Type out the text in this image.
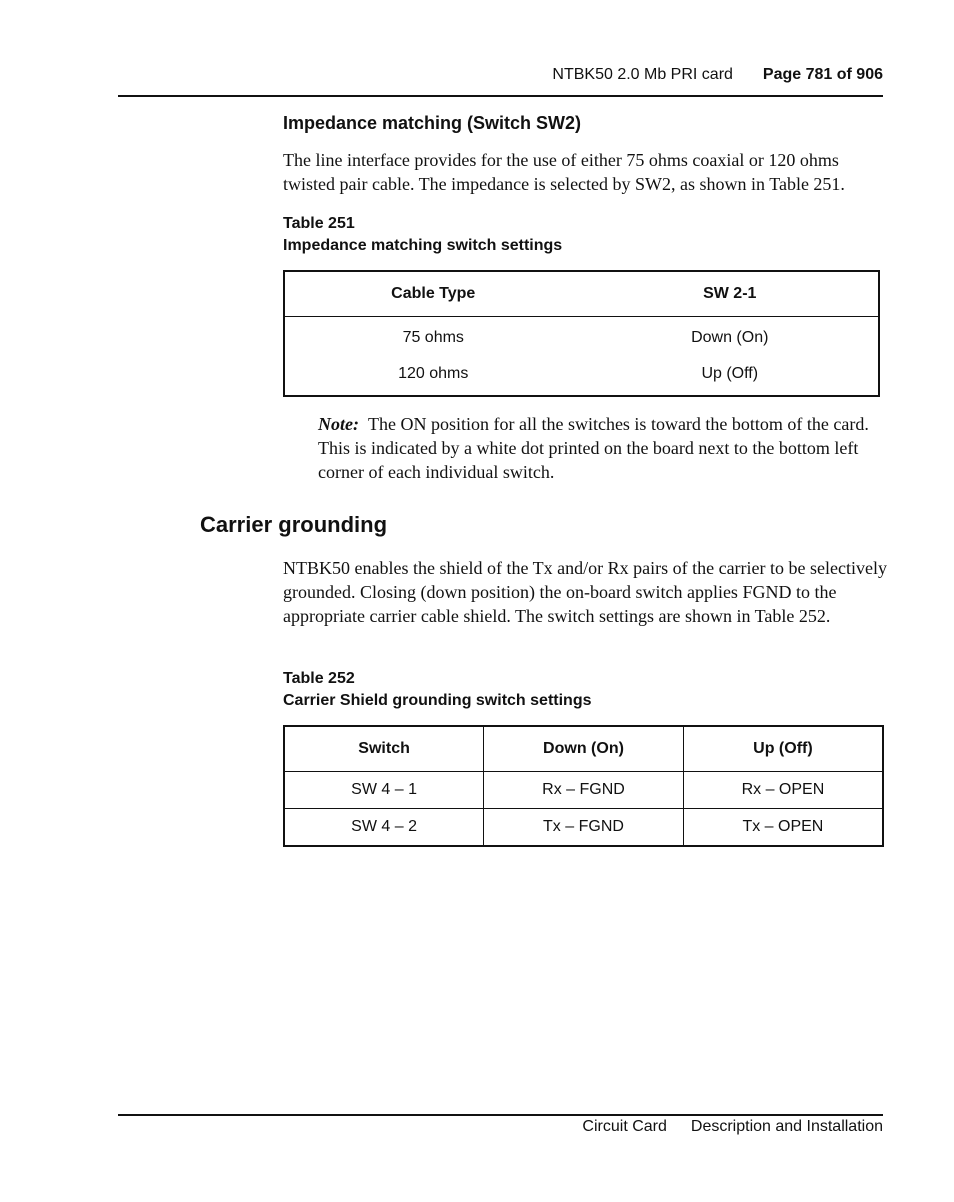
NTBK50 2.0 Mb PRI card Page 781 of 906
Impedance matching (Switch SW2)
The line interface provides for the use of either 75 ohms coaxial or 120 ohms twisted pair cable. The impedance is selected by SW2, as shown in Table 251.
Table 251
Impedance matching switch settings
Cable Type	SW 2-1
75 ohms	Down (On)
120 ohms	Up (Off)
Note: The ON position for all the switches is toward the bottom of the card. This is indicated by a white dot printed on the board next to the bottom left corner of each individual switch.
Carrier grounding
NTBK50 enables the shield of the Tx and/or Rx pairs of the carrier to be selectively grounded. Closing (down position) the on-board switch applies FGND to the appropriate carrier cable shield. The switch settings are shown in Table 252.
Table 252
Carrier Shield grounding switch settings
Switch	Down (On)	Up (Off)
SW 4 – 1	Rx – FGND	Rx – OPEN
SW 4 – 2	Tx – FGND	Tx – OPEN
Circuit Card Description and Installation
